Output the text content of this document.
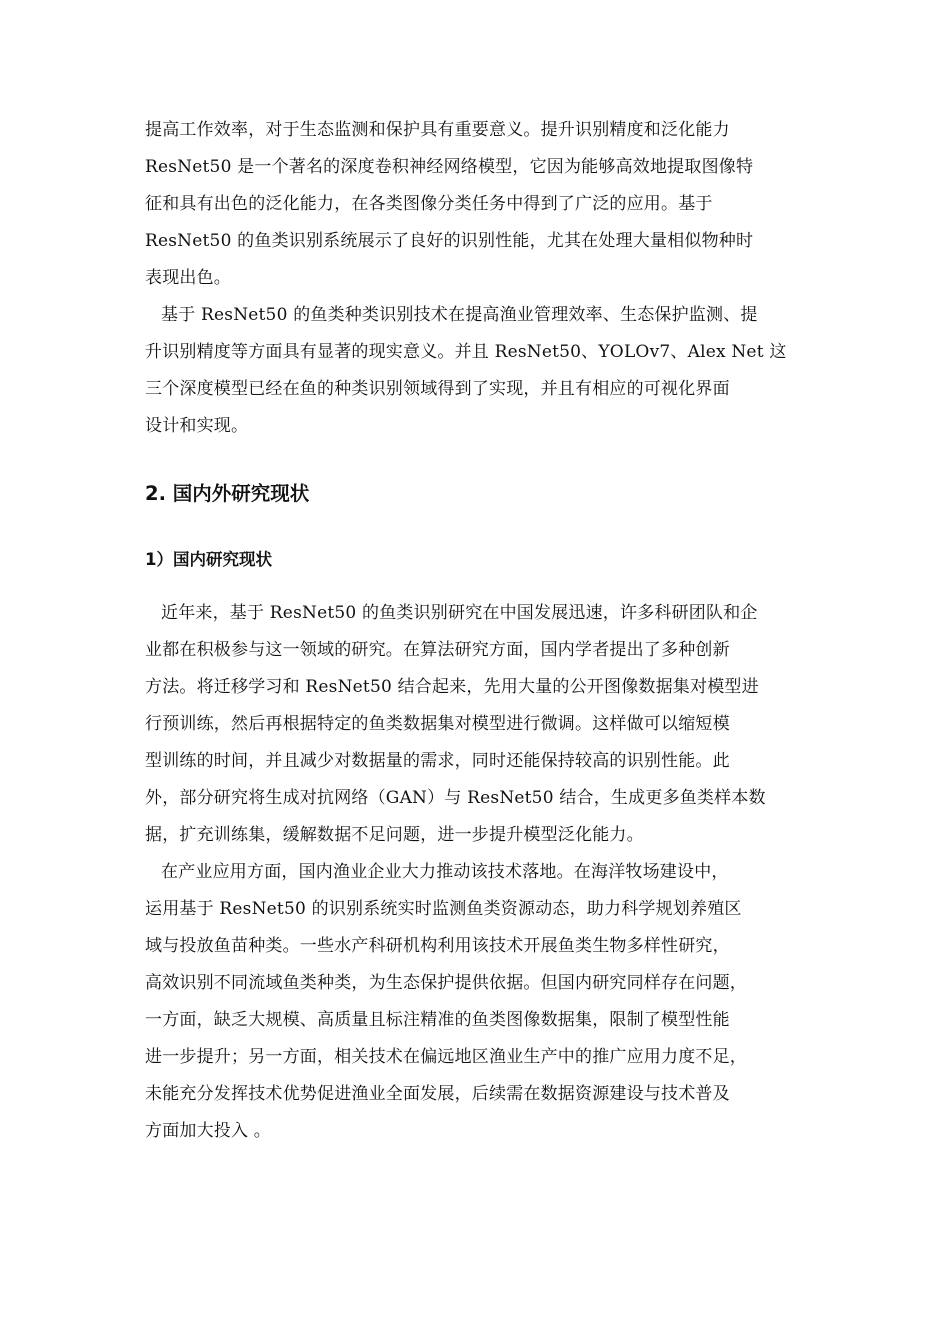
提高工作效率，对于生态监测和保护具有重要意义。提升识别精度和泛化能力
ResNet50 是一个著名的深度卷积神经网络模型，它因为能够高效地提取图像特
征和具有出色的泛化能力，在各类图像分类任务中得到了广泛的应用。基于
ResNet50 的鱼类识别系统展示了良好的识别性能，尤其在处理大量相似物种时
表现出色。
基于 ResNet50 的鱼类种类识别技术在提高渔业管理效率、生态保护监测、提
升识别精度等方面具有显著的现实意义。并且 ResNet50、YOLOv7、Alex Net 这
三个深度模型已经在鱼的种类识别领域得到了实现，并且有相应的可视化界面
设计和实现。
2. 国内外研究现状
1）国内研究现状
近年来，基于 ResNet50 的鱼类识别研究在中国发展迅速，许多科研团队和企
业都在积极参与这一领域的研究。在算法研究方面，国内学者提出了多种创新
方法。将迁移学习和 ResNet50 结合起来，先用大量的公开图像数据集对模型进
行预训练，然后再根据特定的鱼类数据集对模型进行微调。这样做可以缩短模
型训练的时间，并且减少对数据量的需求，同时还能保持较高的识别性能。此
外，部分研究将生成对抗网络（GAN）与 ResNet50 结合，生成更多鱼类样本数
据，扩充训练集，缓解数据不足问题，进一步提升模型泛化能力。
在产业应用方面，国内渔业企业大力推动该技术落地。在海洋牧场建设中，
运用基于 ResNet50 的识别系统实时监测鱼类资源动态，助力科学规划养殖区
域与投放鱼苗种类。一些水产科研机构利用该技术开展鱼类生物多样性研究，
高效识别不同流域鱼类种类，为生态保护提供依据。但国内研究同样存在问题，
一方面，缺乏大规模、高质量且标注精准的鱼类图像数据集，限制了模型性能
进一步提升；另一方面，相关技术在偏远地区渔业生产中的推广应用力度不足，
未能充分发挥技术优势促进渔业全面发展，后续需在数据资源建设与技术普及
方面加大投入 。
